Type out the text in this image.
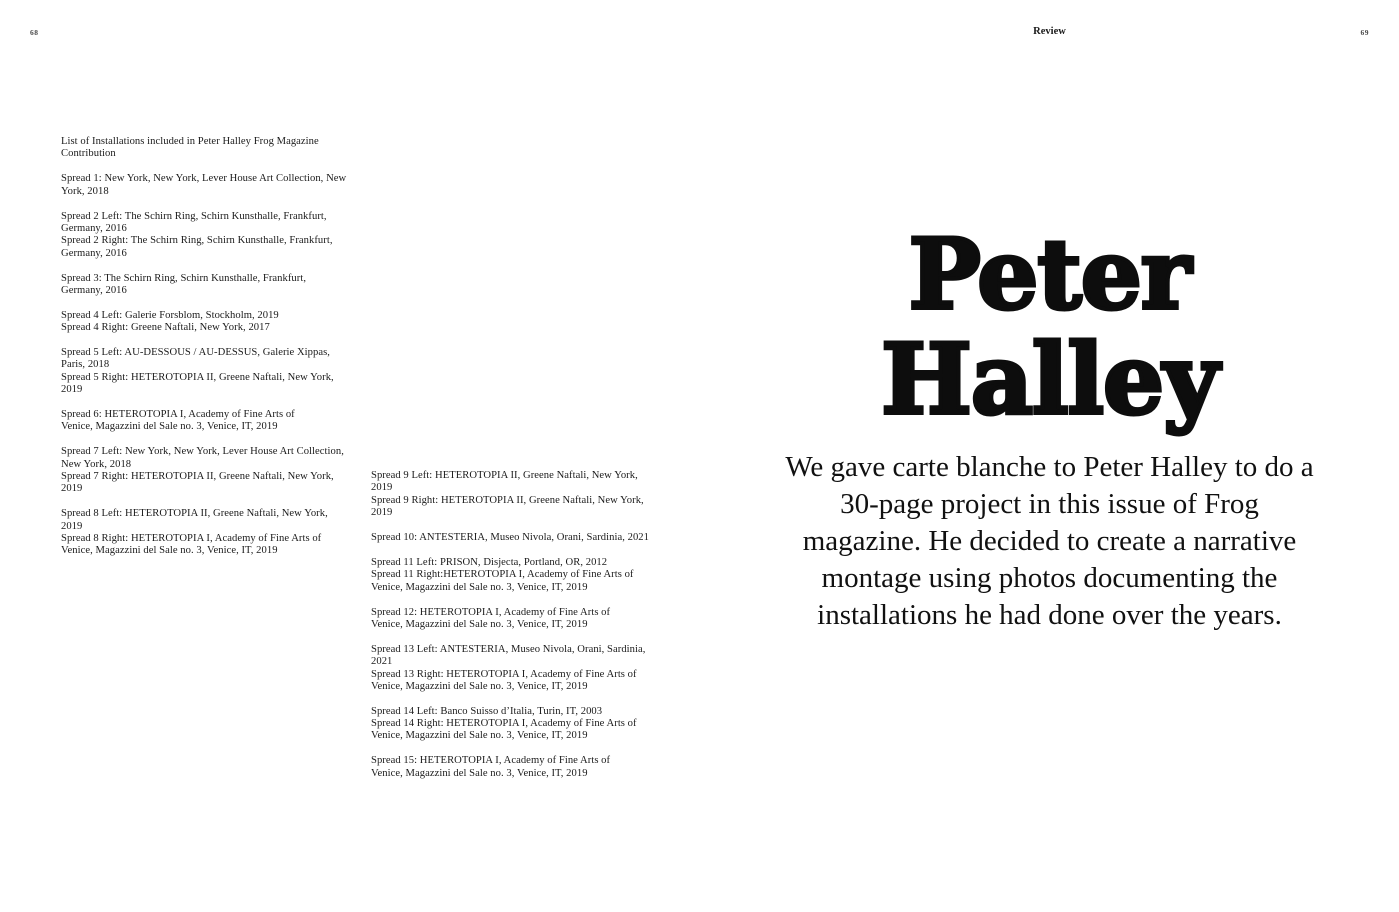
68
List of Installations included in Peter Halley Frog Magazine
Contribution
Spread 1: New York, New York, Lever House Art Collection, New
York, 2018
Spread 2 Left: The Schirn Ring, Schirn Kunsthalle, Frankfurt,
Germany, 2016
Spread 2 Right: The Schirn Ring, Schirn Kunsthalle, Frankfurt,
Germany, 2016
Spread 3: The Schirn Ring, Schirn Kunsthalle, Frankfurt,
Germany, 2016
Spread 4 Left: Galerie Forsblom, Stockholm, 2019
Spread 4 Right: Greene Naftali, New York, 2017
Spread 5 Left: AU-DESSOUS / AU-DESSUS, Galerie Xippas,
Paris, 2018
Spread 5 Right: HETEROTOPIA II, Greene Naftali, New York,
2019
Spread 6: HETEROTOPIA I, Academy of Fine Arts of
Venice, Magazzini del Sale no. 3, Venice, IT, 2019
Spread 7 Left: New York, New York, Lever House Art Collection,
New York, 2018
Spread 7 Right: HETEROTOPIA II, Greene Naftali, New York,
2019
Spread 8 Left: HETEROTOPIA II, Greene Naftali, New York,
2019
Spread 8 Right: HETEROTOPIA I, Academy of Fine Arts of
Venice, Magazzini del Sale no. 3, Venice, IT, 2019
Spread 9 Left: HETEROTOPIA II, Greene Naftali, New York,
2019
Spread 9 Right: HETEROTOPIA II, Greene Naftali, New York,
2019
Spread 10: ANTESTERIA, Museo Nivola, Orani, Sardinia, 2021
Spread 11 Left: PRISON, Disjecta, Portland, OR, 2012
Spread 11 Right:HETEROTOPIA I, Academy of Fine Arts of
Venice, Magazzini del Sale no. 3, Venice, IT, 2019
Spread 12: HETEROTOPIA I, Academy of Fine Arts of
Venice, Magazzini del Sale no. 3, Venice, IT, 2019
Spread 13 Left: ANTESTERIA, Museo Nivola, Orani, Sardinia,
2021
Spread 13 Right: HETEROTOPIA I, Academy of Fine Arts of
Venice, Magazzini del Sale no. 3, Venice, IT, 2019
Spread 14 Left: Banco Suisso d’Italia, Turin, IT, 2003
Spread 14 Right: HETEROTOPIA I, Academy of Fine Arts of
Venice, Magazzini del Sale no. 3, Venice, IT, 2019
Spread 15: HETEROTOPIA I, Academy of Fine Arts of
Venice, Magazzini del Sale no. 3, Venice, IT, 2019
Review	69
Peter
Halley
We gave carte blanche to Peter Halley to do a
30-page project in this issue of Frog
magazine. He decided to create a narrative
montage using photos documenting the
installations he had done over the years.
